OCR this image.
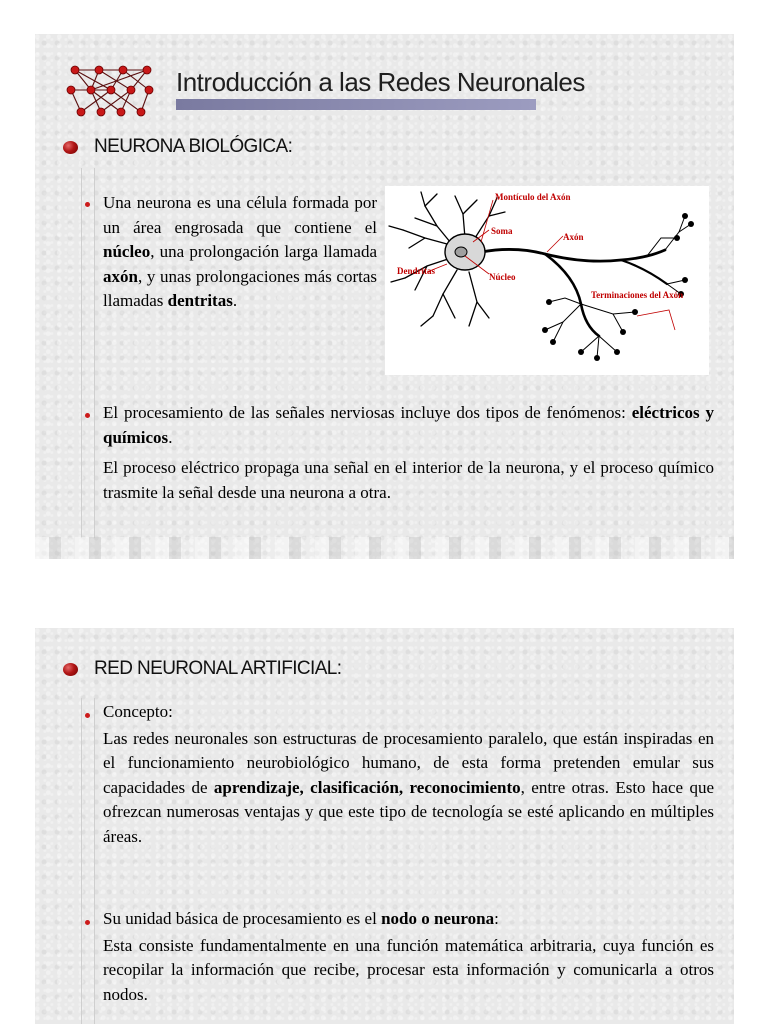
Introducción a las Redes Neuronales
NEURONA BIOLÓGICA:

Una neurona es una célula formada por un área engrosada que contiene el núcleo, una prolongación larga llamada axón, y unas prolongaciones más cortas llamadas dentritas.

Montículo del Axón
Soma
Axón
Dendritas
Núcleo
Terminaciones del Axón

El procesamiento de las señales nerviosas incluye dos tipos de fenómenos: eléctricos y químicos.

El proceso eléctrico propaga una señal en el interior de la neurona, y el proceso químico trasmite la señal desde una neurona a otra.

RED NEURONAL ARTIFICIAL:

Concepto:

Las redes neuronales son estructuras de procesamiento paralelo, que están inspiradas en el funcionamiento neurobiológico humano, de esta forma pretenden emular sus capacidades de aprendizaje, clasificación, reconocimiento, entre otras. Esto hace que ofrezcan numerosas ventajas y que este tipo de tecnología se esté aplicando en múltiples áreas.

Su unidad básica de procesamiento es el nodo o neurona:

Esta consiste fundamentalmente en una función matemática arbitraria, cuya función es recopilar la información que recibe, procesar esta información y comunicarla a otros nodos.
